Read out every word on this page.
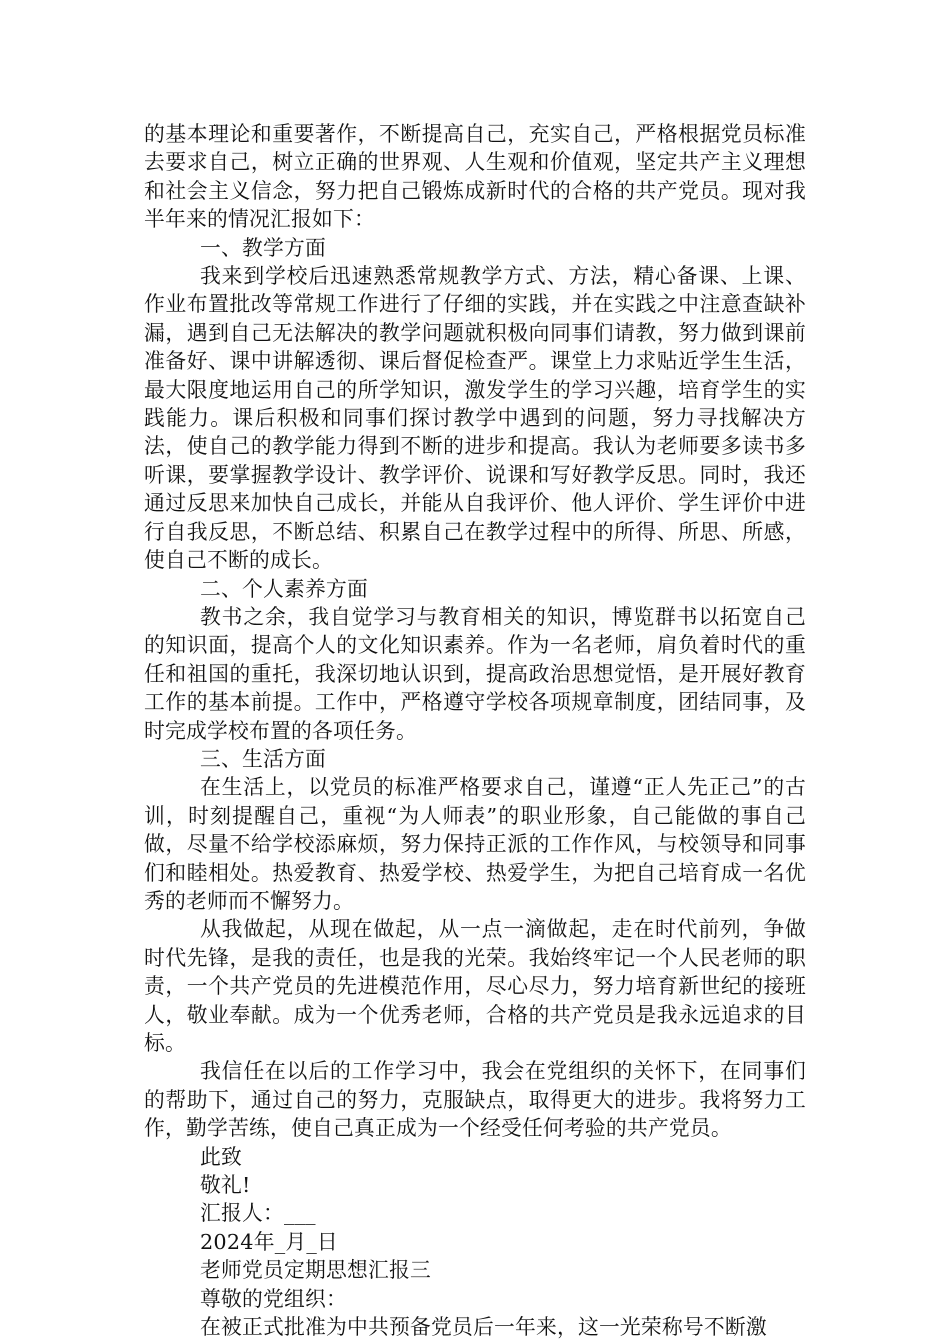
的基本理论和重要著作，不断提高自己，充实自己，严格根据党员标准去要求自己，树立正确的世界观、人生观和价值观，坚定共产主义理想和社会主义信念，努力把自己锻炼成新时代的合格的共产党员。现对我半年来的情况汇报如下：

一、教学方面

我来到学校后迅速熟悉常规教学方式、方法，精心备课、上课、作业布置批改等常规工作进行了仔细的实践，并在实践之中注意查缺补漏，遇到自己无法解决的教学问题就积极向同事们请教，努力做到课前准备好、课中讲解透彻、课后督促检查严。课堂上力求贴近学生生活，最大限度地运用自己的所学知识，激发学生的学习兴趣，培育学生的实践能力。课后积极和同事们探讨教学中遇到的问题，努力寻找解决方法，使自己的教学能力得到不断的进步和提高。我认为老师要多读书多听课，要掌握教学设计、教学评价、说课和写好教学反思。同时，我还通过反思来加快自己成长，并能从自我评价、他人评价、学生评价中进行自我反思，不断总结、积累自己在教学过程中的所得、所思、所感，使自己不断的成长。

二、个人素养方面

教书之余，我自觉学习与教育相关的知识，博览群书以拓宽自己的知识面，提高个人的文化知识素养。作为一名老师，肩负着时代的重任和祖国的重托，我深切地认识到，提高政治思想觉悟，是开展好教育工作的基本前提。工作中，严格遵守学校各项规章制度，团结同事，及时完成学校布置的各项任务。

三、生活方面

在生活上，以党员的标准严格要求自己，谨遵“正人先正己”的古训，时刻提醒自己，重视“为人师表”的职业形象，自己能做的事自己做，尽量不给学校添麻烦，努力保持正派的工作作风，与校领导和同事们和睦相处。热爱教育、热爱学校、热爱学生，为把自己培育成一名优秀的老师而不懈努力。

从我做起，从现在做起，从一点一滴做起，走在时代前列，争做时代先锋，是我的责任，也是我的光荣。我始终牢记一个人民老师的职责，一个共产党员的先进模范作用，尽心尽力，努力培育新世纪的接班人，敬业奉献。成为一个优秀老师，合格的共产党员是我永远追求的目标。

我信任在以后的工作学习中，我会在党组织的关怀下，在同事们的帮助下，通过自己的努力，克服缺点，取得更大的进步。我将努力工作，勤学苦练，使自己真正成为一个经受任何考验的共产党员。

此致

敬礼!

汇报人：___

2024年_月_日

老师党员定期思想汇报三

尊敬的党组织：

在被正式批准为中共预备党员后一年来，这一光荣称号不断激
